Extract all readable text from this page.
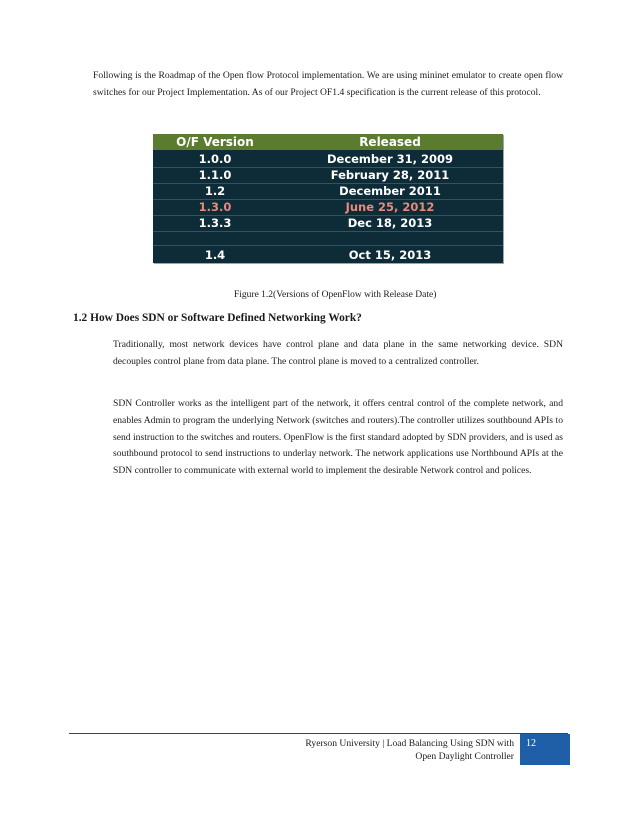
Following is the Roadmap of the Open flow Protocol implementation. We are using mininet emulator to create open flow switches for our Project Implementation. As of our Project OF1.4 specification is the current release of this protocol.
O/F Version	Released
1.0.0	December 31, 2009
1.1.0	February 28, 2011
1.2	December 2011
1.3.0	June 25, 2012
1.3.3	Dec 18, 2013
1.4	Oct 15, 2013
Figure 1.2(Versions of OpenFlow with Release Date)
1.2 How Does SDN or Software Defined Networking Work?
Traditionally, most network devices have control plane and data plane in the same networking device. SDN decouples control plane from data plane. The control plane is moved to a centralized controller.
SDN Controller works as the intelligent part of the network, it offers central control of the complete network, and enables Admin to program the underlying Network (switches and routers).The controller utilizes southbound APIs to send instruction to the switches and routers. OpenFlow is the first standard adopted by SDN providers, and is used as southbound protocol to send instructions to underlay network. The network applications use Northbound APIs at the SDN controller to communicate with external world to implement the desirable Network control and polices.
Ryerson University | Load Balancing Using SDN with
Open Daylight Controller
12
